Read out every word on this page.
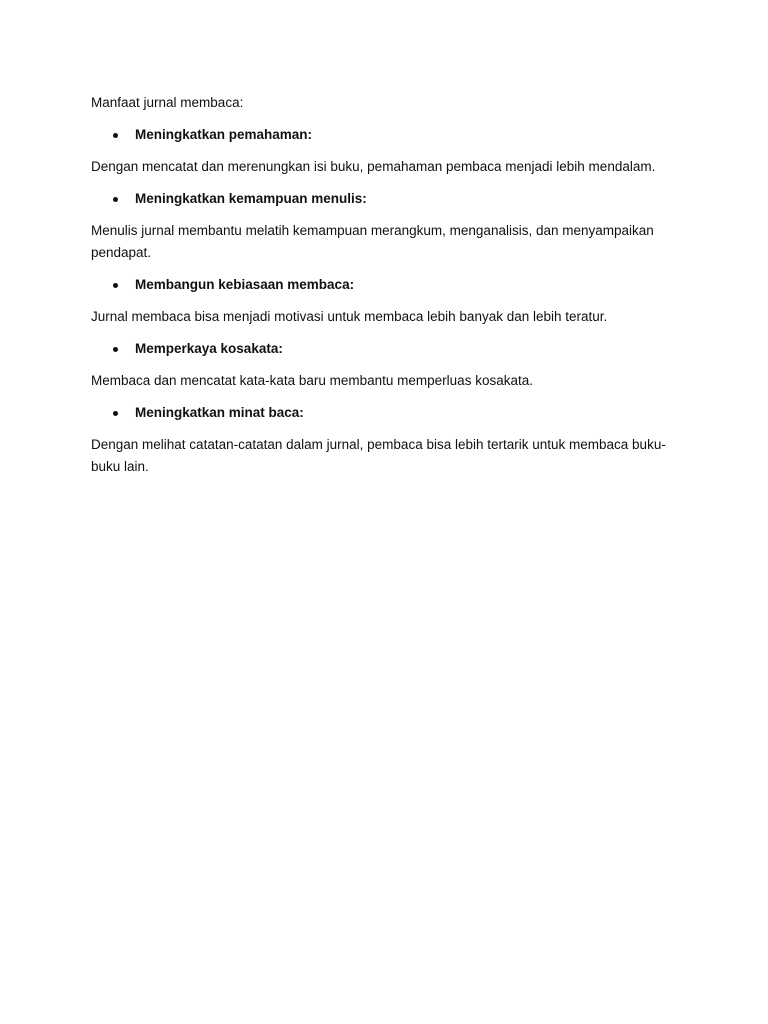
Manfaat jurnal membaca:

Meningkatkan pemahaman:

Dengan mencatat dan merenungkan isi buku, pemahaman pembaca menjadi lebih mendalam.

Meningkatkan kemampuan menulis:

Menulis jurnal membantu melatih kemampuan merangkum, menganalisis, dan menyampaikan pendapat.

Membangun kebiasaan membaca:

Jurnal membaca bisa menjadi motivasi untuk membaca lebih banyak dan lebih teratur.

Memperkaya kosakata:

Membaca dan mencatat kata-kata baru membantu memperluas kosakata.

Meningkatkan minat baca:

Dengan melihat catatan-catatan dalam jurnal, pembaca bisa lebih tertarik untuk membaca buku-buku lain.
